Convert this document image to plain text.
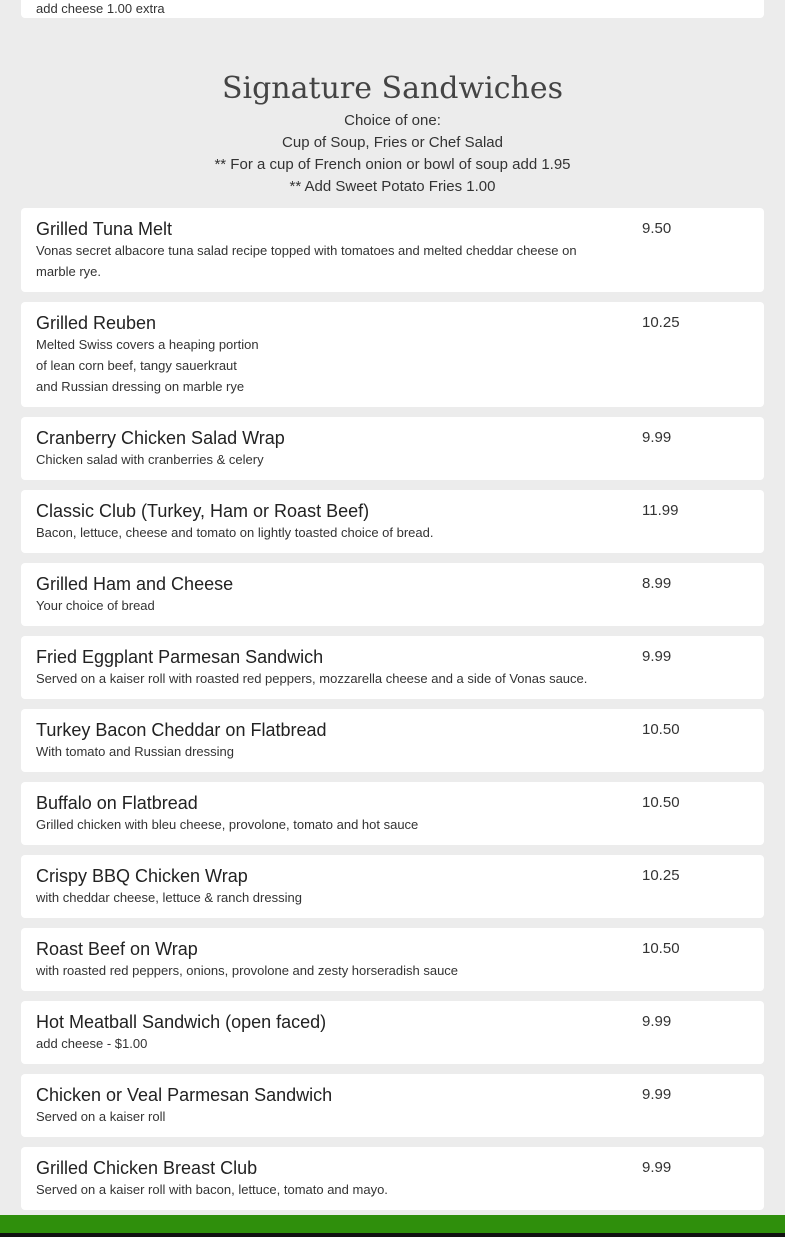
add cheese 1.00 extra
Signature Sandwiches
Choice of one:
Cup of Soup, Fries or Chef Salad
** For a cup of French onion or bowl of soup add 1.95
** Add Sweet Potato Fries 1.00
Grilled Tuna Melt
Vonas secret albacore tuna salad recipe topped with tomatoes and melted cheddar cheese on marble rye.
9.50
Grilled Reuben
Melted Swiss covers a heaping portion
of lean corn beef, tangy sauerkraut
and Russian dressing on marble rye
10.25
Cranberry Chicken Salad Wrap
Chicken salad with cranberries & celery
9.99
Classic Club (Turkey, Ham or Roast Beef)
Bacon, lettuce, cheese and tomato on lightly toasted choice of bread.
11.99
Grilled Ham and Cheese
Your choice of bread
8.99
Fried Eggplant Parmesan Sandwich
Served on a kaiser roll with roasted red peppers, mozzarella cheese and a side of Vonas sauce.
9.99
Turkey Bacon Cheddar on Flatbread
With tomato and Russian dressing
10.50
Buffalo on Flatbread
Grilled chicken with bleu cheese, provolone, tomato and hot sauce
10.50
Crispy BBQ Chicken Wrap
with cheddar cheese, lettuce & ranch dressing
10.25
Roast Beef on Wrap
with roasted red peppers, onions, provolone and zesty horseradish sauce
10.50
Hot Meatball Sandwich (open faced)
add cheese - $1.00
9.99
Chicken or Veal Parmesan Sandwich
Served on a kaiser roll
9.99
Grilled Chicken Breast Club
Served on a kaiser roll with bacon, lettuce, tomato and mayo.
9.99
